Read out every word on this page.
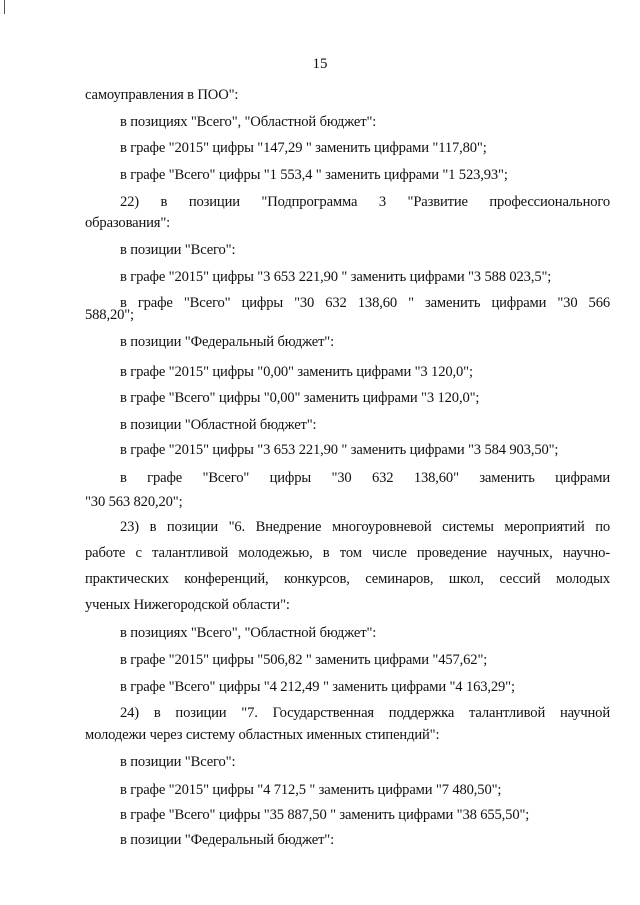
15
самоуправления в ПОО":
в позициях "Всего", "Областной бюджет":
в графе "2015" цифры "147,29 " заменить цифрами "117,80";
в графе "Всего" цифры "1 553,4 " заменить цифрами "1 523,93";
22) в позиции "Подпрограмма 3 "Развитие профессионального
образования":
в позиции "Всего":
в графе "2015" цифры "3 653 221,90 " заменить цифрами "3 588 023,5";
в графе "Всего" цифры "30 632 138,60 " заменить цифрами "30 566
588,20";
в позиции "Федеральный бюджет":
в графе "2015" цифры "0,00" заменить цифрами "3 120,0";
в графе "Всего" цифры "0,00" заменить цифрами "3 120,0";
в позиции "Областной бюджет":
в графе "2015" цифры "3 653 221,90 " заменить цифрами "3 584 903,50";
в графе "Всего" цифры "30 632 138,60" заменить цифрами
"30 563 820,20";
23) в позиции "6. Внедрение многоуровневой системы мероприятий по
работе с талантливой молодежью, в том числе проведение научных, научно-
практических конференций, конкурсов, семинаров, школ, сессий молодых
ученых Нижегородской области":
в позициях "Всего", "Областной бюджет":
в графе "2015" цифры "506,82 " заменить цифрами "457,62";
в графе "Всего" цифры "4 212,49 " заменить цифрами "4 163,29";
24) в позиции "7. Государственная поддержка талантливой научной
молодежи через систему областных именных стипендий":
в позиции "Всего":
в графе "2015" цифры "4 712,5 " заменить цифрами "7 480,50";
в графе "Всего" цифры "35 887,50 " заменить цифрами "38 655,50";
в позиции "Федеральный бюджет":
